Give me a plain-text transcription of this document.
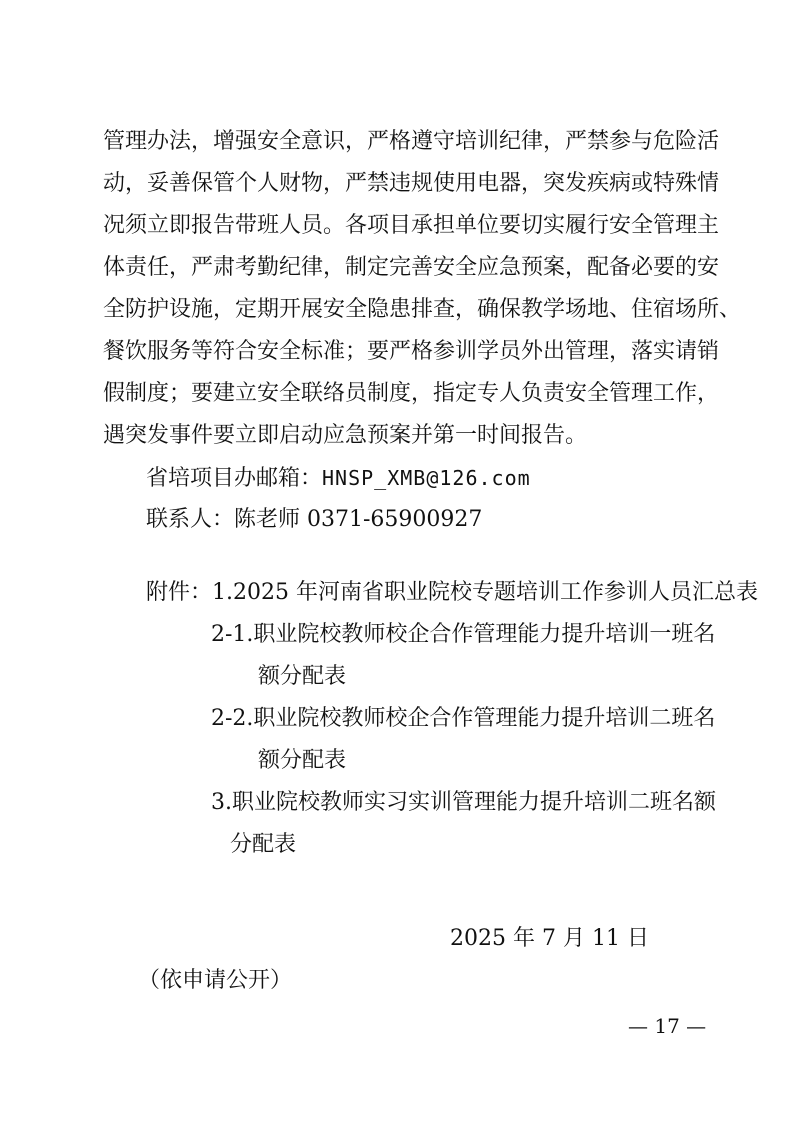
管理办法，增强安全意识，严格遵守培训纪律，严禁参与危险活
动，妥善保管个人财物，严禁违规使用电器，突发疾病或特殊情
况须立即报告带班人员。各项目承担单位要切实履行安全管理主
体责任，严肃考勤纪律，制定完善安全应急预案，配备必要的安
全防护设施，定期开展安全隐患排查，确保教学场地、住宿场所、
餐饮服务等符合安全标准；要严格参训学员外出管理，落实请销
假制度；要建立安全联络员制度，指定专人负责安全管理工作，
遇突发事件要立即启动应急预案并第一时间报告。
省培项目办邮箱：HNSP_XMB@126.com
联系人：陈老师 0371-65900927
附件：1.2025 年河南省职业院校专题培训工作参训人员汇总表
2-1.职业院校教师校企合作管理能力提升培训一班名
额分配表
2-2.职业院校教师校企合作管理能力提升培训二班名
额分配表
3.职业院校教师实习实训管理能力提升培训二班名额
分配表
2025 年 7 月 11 日
（依申请公开）
— 17 —
